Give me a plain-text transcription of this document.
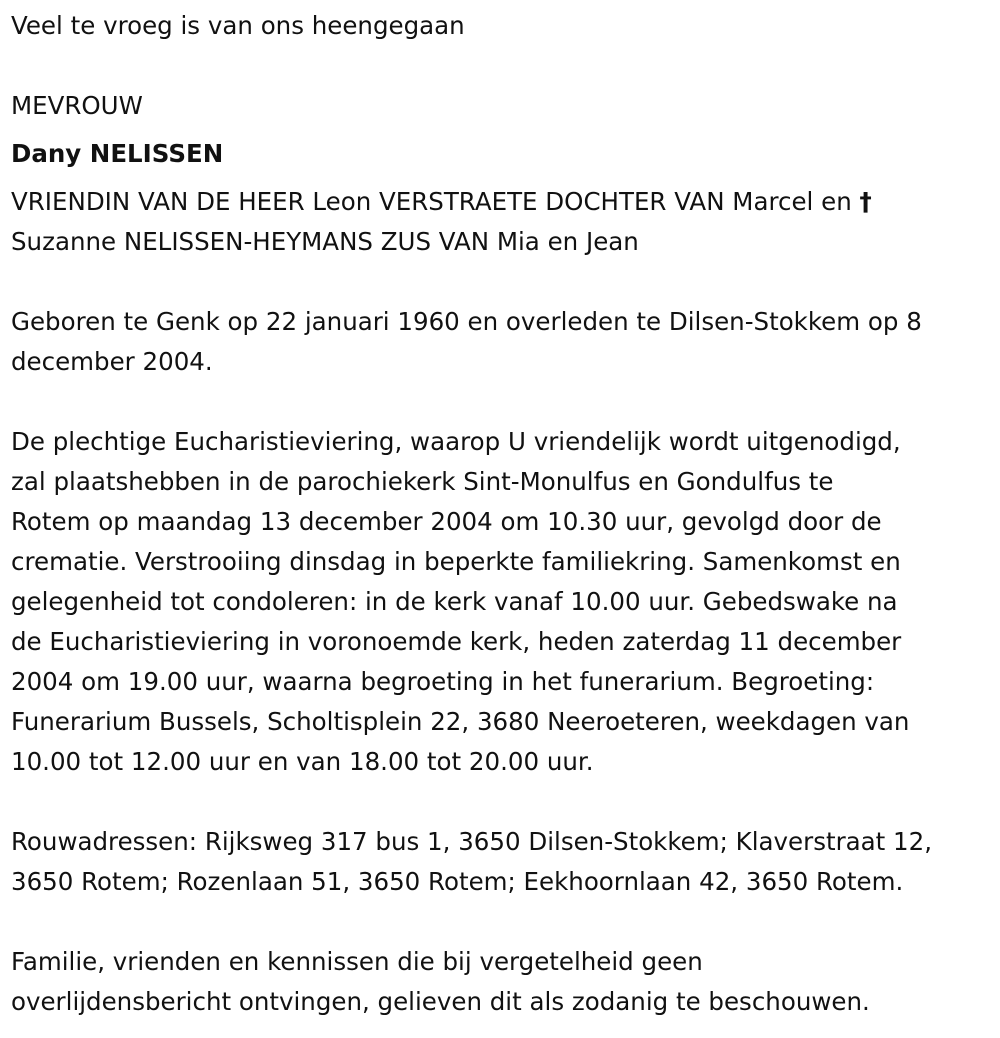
Veel te vroeg is van ons heengegaan
MEVROUW
Dany NELISSEN
VRIENDIN VAN DE HEER Leon VERSTRAETE DOCHTER VAN Marcel en †
Suzanne NELISSEN-HEYMANS ZUS VAN Mia en Jean
Geboren te Genk op 22 januari 1960 en overleden te Dilsen-Stokkem op 8
december 2004.
De plechtige Eucharistieviering, waarop U vriendelijk wordt uitgenodigd,
zal plaatshebben in de parochiekerk Sint-Monulfus en Gondulfus te
Rotem op maandag 13 december 2004 om 10.30 uur, gevolgd door de
crematie. Verstrooiing dinsdag in beperkte familiekring. Samenkomst en
gelegenheid tot condoleren: in de kerk vanaf 10.00 uur. Gebedswake na
de Eucharistieviering in voronoemde kerk, heden zaterdag 11 december
2004 om 19.00 uur, waarna begroeting in het funerarium. Begroeting:
Funerarium Bussels, Scholtisplein 22, 3680 Neeroeteren, weekdagen van
10.00 tot 12.00 uur en van 18.00 tot 20.00 uur.
Rouwadressen: Rijksweg 317 bus 1, 3650 Dilsen-Stokkem; Klaverstraat 12,
3650 Rotem; Rozenlaan 51, 3650 Rotem; Eekhoornlaan 42, 3650 Rotem.
Familie, vrienden en kennissen die bij vergetelheid geen
overlijdensbericht ontvingen, gelieven dit als zodanig te beschouwen.
